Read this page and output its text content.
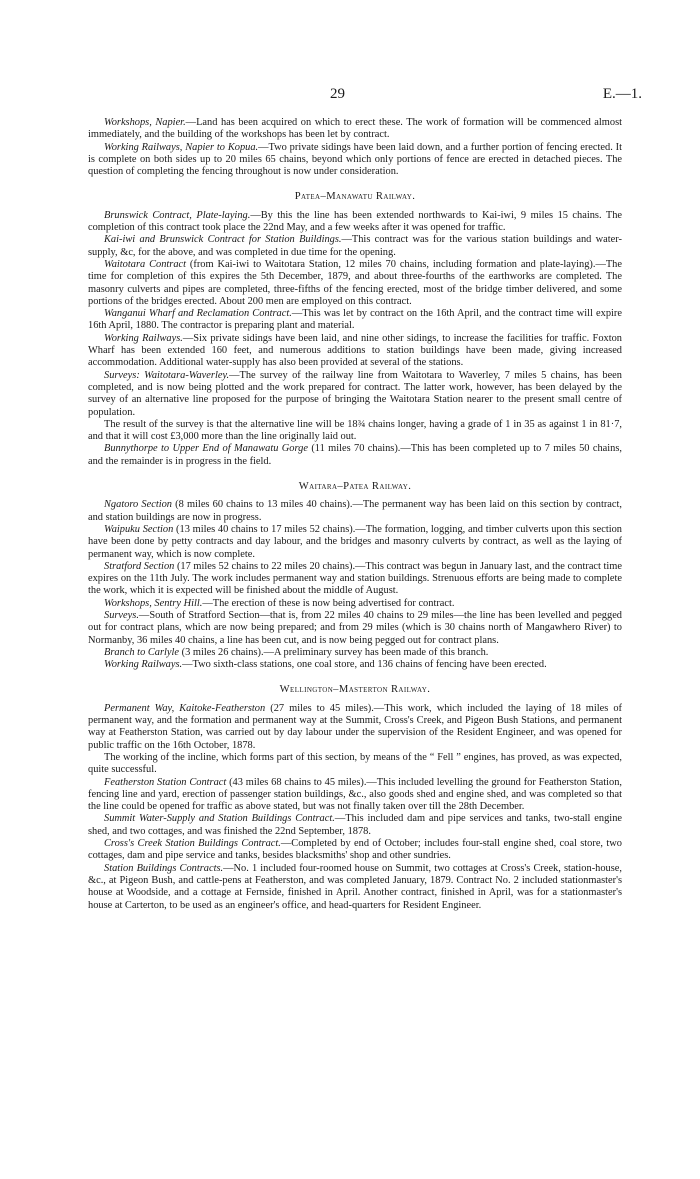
29	E.—1.

Workshops, Napier.—Land has been acquired on which to erect these. The work of formation will be commenced almost immediately, and the building of the workshops has been let by contract.

Working Railways, Napier to Kopua.—Two private sidings have been laid down, and a further portion of fencing erected. It is complete on both sides up to 20 miles 65 chains, beyond which only portions of fence are erected in detached pieces. The question of completing the fencing throughout is now under consideration.

Patea–Manawatu Railway.

Brunswick Contract, Plate-laying.—By this the line has been extended northwards to Kai-iwi, 9 miles 15 chains. The completion of this contract took place the 22nd May, and a few weeks after it was opened for traffic.

Kai-iwi and Brunswick Contract for Station Buildings.—This contract was for the various station buildings and water-supply, &c, for the above, and was completed in due time for the opening.

Waitotara Contract (from Kai-iwi to Waitotara Station, 12 miles 70 chains, including formation and plate-laying).—The time for completion of this expires the 5th December, 1879, and about three-fourths of the earthworks are completed. The masonry culverts and pipes are completed, three-fifths of the fencing erected, most of the bridge timber delivered, and some portions of the bridges erected. About 200 men are employed on this contract.

Wanganui Wharf and Reclamation Contract.—This was let by contract on the 16th April, and the contract time will expire 16th April, 1880. The contractor is preparing plant and material.

Working Railways.—Six private sidings have been laid, and nine other sidings, to increase the facilities for traffic. Foxton Wharf has been extended 160 feet, and numerous additions to station buildings have been made, giving increased accommodation. Additional water-supply has also been provided at several of the stations.

Surveys: Waitotara-Waverley.—The survey of the railway line from Waitotara to Waverley, 7 miles 5 chains, has been completed, and is now being plotted and the work prepared for contract. The latter work, however, has been delayed by the survey of an alternative line proposed for the purpose of bringing the Waitotara Station nearer to the present small centre of population.

The result of the survey is that the alternative line will be 18¾ chains longer, having a grade of 1 in 35 as against 1 in 81·7, and that it will cost £3,000 more than the line originally laid out.

Bunnythorpe to Upper End of Manawatu Gorge (11 miles 70 chains).—This has been completed up to 7 miles 50 chains, and the remainder is in progress in the field.

Waitara–Patea Railway.

Ngatoro Section (8 miles 60 chains to 13 miles 40 chains).—The permanent way has been laid on this section by contract, and station buildings are now in progress.

Waipuku Section (13 miles 40 chains to 17 miles 52 chains).—The formation, logging, and timber culverts upon this section have been done by petty contracts and day labour, and the bridges and masonry culverts by contract, as well as the laying of permanent way, which is now complete.

Stratford Section (17 miles 52 chains to 22 miles 20 chains).—This contract was begun in January last, and the contract time expires on the 11th July. The work includes permanent way and station buildings. Strenuous efforts are being made to complete the work, which it is expected will be finished about the middle of August.

Workshops, Sentry Hill.—The erection of these is now being advertised for contract.

Surveys.—South of Stratford Section—that is, from 22 miles 40 chains to 29 miles—the line has been levelled and pegged out for contract plans, which are now being prepared; and from 29 miles (which is 30 chains north of Mangawhero River) to Normanby, 36 miles 40 chains, a line has been cut, and is now being pegged out for contract plans.

Branch to Carlyle (3 miles 26 chains).—A preliminary survey has been made of this branch.

Working Railways.—Two sixth-class stations, one coal store, and 136 chains of fencing have been erected.

Wellington–Masterton Railway.

Permanent Way, Kaitoke-Featherston (27 miles to 45 miles).—This work, which included the laying of 18 miles of permanent way, and the formation and permanent way at the Summit, Cross's Creek, and Pigeon Bush Stations, and permanent way at Featherston Station, was carried out by day labour under the supervision of the Resident Engineer, and was opened for public traffic on the 16th October, 1878.

The working of the incline, which forms part of this section, by means of the “ Fell ” engines, has proved, as was expected, quite successful.

Featherston Station Contract (43 miles 68 chains to 45 miles).—This included levelling the ground for Featherston Station, fencing line and yard, erection of passenger station buildings, &c., also goods shed and engine shed, and was completed so that the line could be opened for traffic as above stated, but was not finally taken over till the 28th December.

Summit Water-Supply and Station Buildings Contract.—This included dam and pipe services and tanks, two-stall engine shed, and two cottages, and was finished the 22nd September, 1878.

Cross's Creek Station Buildings Contract.—Completed by end of October; includes four-stall engine shed, coal store, two cottages, dam and pipe service and tanks, besides blacksmiths' shop and other sundries.

Station Buildings Contracts.—No. 1 included four-roomed house on Summit, two cottages at Cross's Creek, station-house, &c., at Pigeon Bush, and cattle-pens at Featherston, and was completed January, 1879. Contract No. 2 included stationmaster's house at Woodside, and a cottage at Fernside, finished in April. Another contract, finished in April, was for a stationmaster's house at Carterton, to be used as an engineer's office, and head-quarters for Resident Engineer.
